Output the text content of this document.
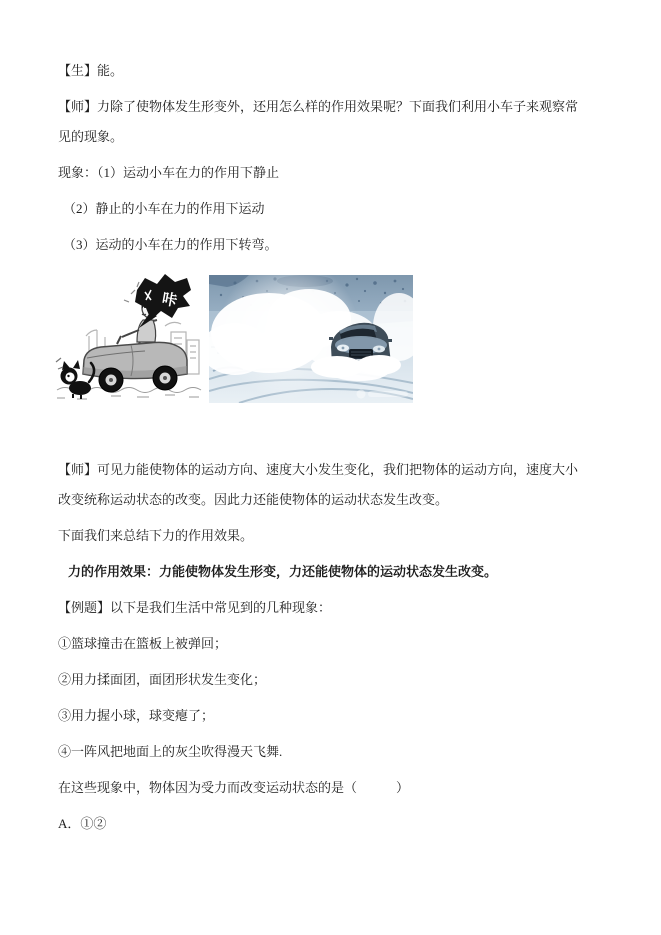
【生】能。

【师】力除了使物体发生形变外，还用怎么样的作用效果呢？下面我们利用小车子来观察常见的现象。

现象：（1）运动小车在力的作用下静止

（2）静止的小车在力的作用下运动

（3）运动的小车在力的作用下转弯。

咔

【师】可见力能使物体的运动方向、速度大小发生变化，我们把物体的运动方向，速度大小改变统称运动状态的改变。因此力还能使物体的运动状态发生改变。

下面我们来总结下力的作用效果。

力的作用效果：力能使物体发生形变，力还能使物体的运动状态发生改变。

【例题】以下是我们生活中常见到的几种现象：

①篮球撞击在篮板上被弹回；

②用力揉面团，面团形状发生变化；

③用力握小球，球变瘪了；

④一阵风把地面上的灰尘吹得漫天飞舞.

在这些现象中，物体因为受力而改变运动状态的是（　　　）

A．①②
